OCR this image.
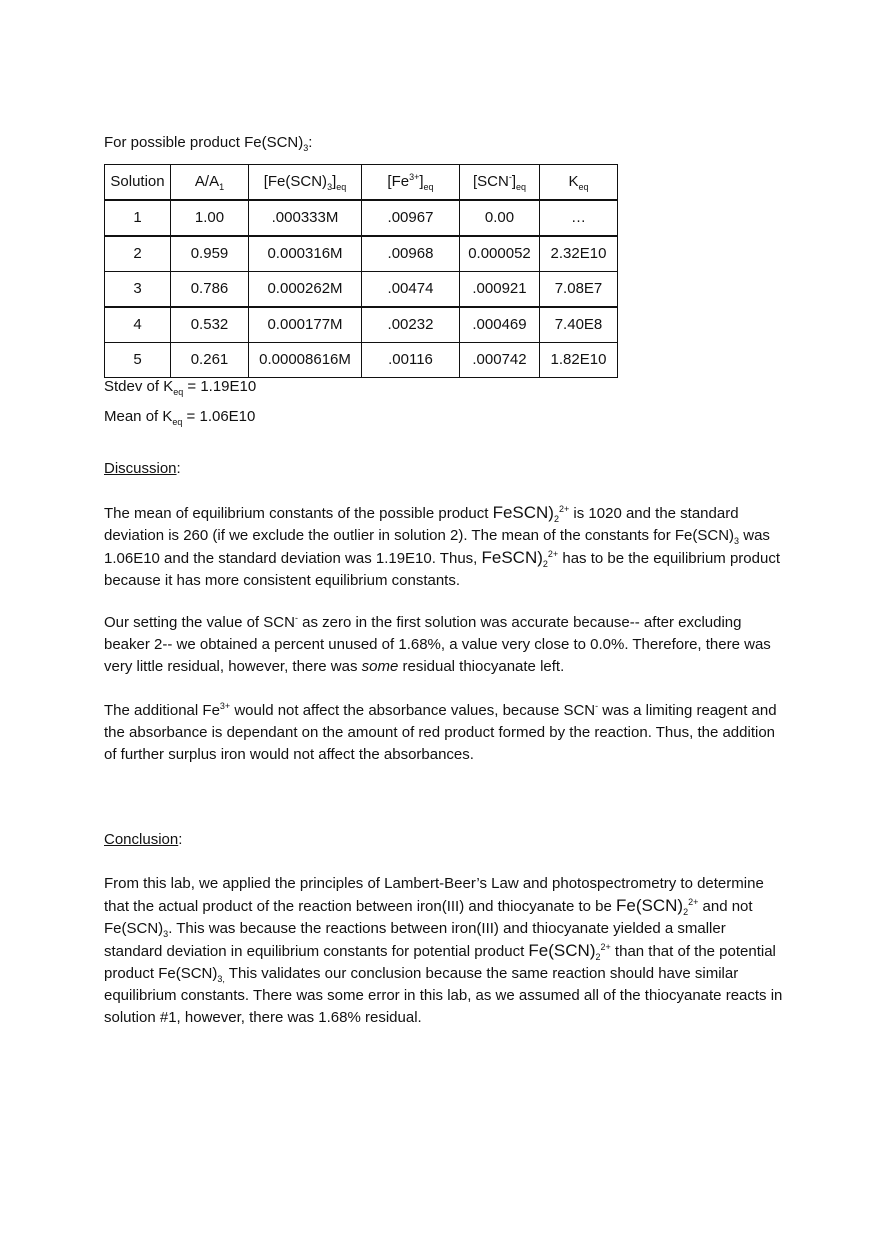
For possible product $Fe(SCN)_3$:
Solution	$A/A_1$	$[Fe(SCN)_3]_{eq}$	$[Fe^{3+}]_{eq}$	$[SCN^-]_{eq}$	$K_{eq}$
1	1.00	.000333M	.00967	0.00	…
2	0.959	0.000316M	.00968	0.000052	2.32E10
3	0.786	0.000262M	.00474	.000921	7.08E7
4	0.532	0.000177M	.00232	.000469	7.40E8
5	0.261	0.00008616M	.00116	.000742	1.82E10
Stdev of $K_{eq} = 1.19E10$
Mean of $K_{eq} = 1.06E10$
Discussion:
The mean of equilibrium constants of the possible product $FeSCN)_2^{2+}$ is 1020 and the standard deviation is 260 (if we exclude the outlier in solution 2). The mean of the constants for $Fe(SCN)_3$ was 1.06E10 and the standard deviation was 1.19E10. Thus, $FeSCN)_2^{2+}$ has to be the equilibrium product because it has more consistent equilibrium constants.
Our setting the value of SCN- as zero in the first solution was accurate because-- after excluding beaker 2-- we obtained a percent unused of 1.68%, a value very close to 0.0%. Therefore, there was very little residual, however, there was some residual thiocyanate left.
The additional $Fe^{3+}$ would not affect the absorbance values, because SCN- was a limiting reagent and the absorbance is dependant on the amount of red product formed by the reaction. Thus, the addition of further surplus iron would not affect the absorbances.
Conclusion:
From this lab, we applied the principles of Lambert-Beer’s Law and photospectrometry to determine that the actual product of the reaction between iron(III) and thiocyanate to be $Fe(SCN)_2^{2+}$ and not $Fe(SCN)_3$. This was because the reactions between iron(III) and thiocyanate yielded a smaller standard deviation in equilibrium constants for potential product $Fe(SCN)_2^{2+}$ than that of the potential product $Fe(SCN)_{3,}$ This validates our conclusion because the same reaction should have similar equilibrium constants. There was some error in this lab, as we assumed all of the thiocyanate reacts in solution #1, however, there was 1.68% residual.
